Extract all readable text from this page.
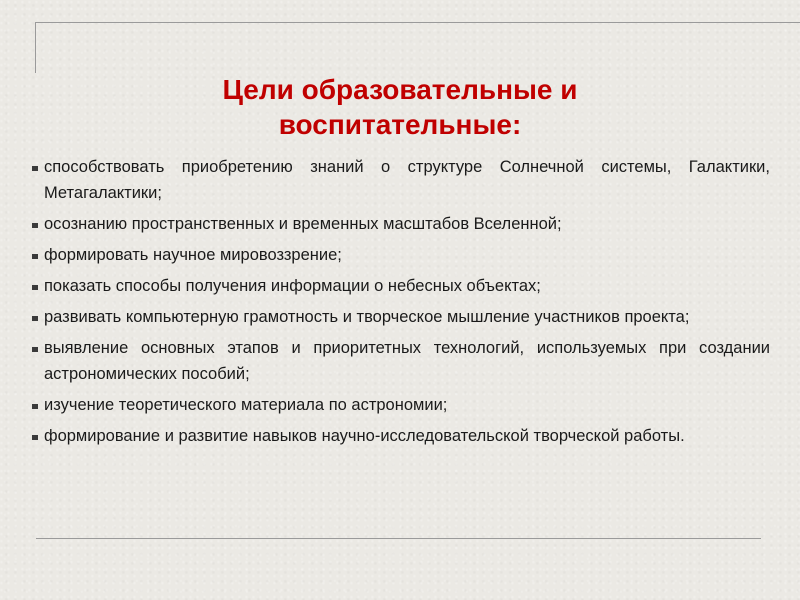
Цели образовательные и
воспитательные:
способствовать приобретению знаний о структуре Солнечной системы, Галактики, Метагалактики;
осознанию пространственных и временных масштабов Вселенной;
формировать научное мировоззрение;
показать способы получения информации о небесных объектах;
развивать компьютерную грамотность и творческое мышление участников проекта;
выявление основных этапов и приоритетных технологий, используемых при создании астрономических пособий;
изучение теоретического материала по астрономии;
формирование и развитие навыков научно-исследовательской творческой работы.
